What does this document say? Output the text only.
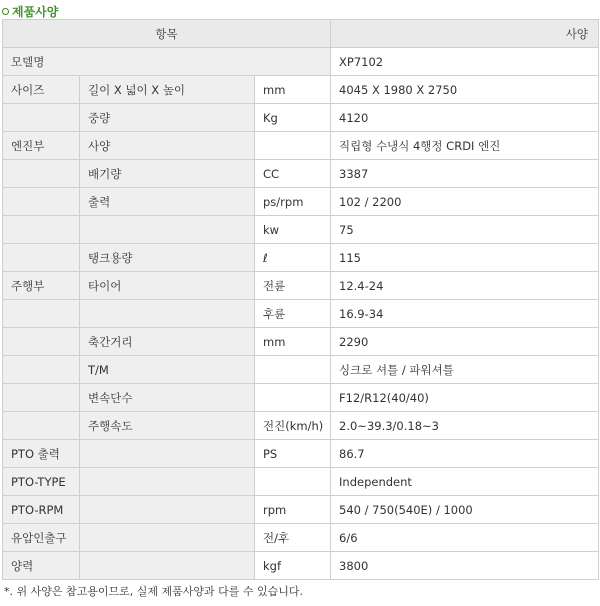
제품사양
항목			사양
모델명			XP7102
사이즈	길이 X 넓이 X 높이	mm	4045 X 1980 X 2750
	중량	Kg	4120
엔진부	사양		직립형 수냉식 4행정 CRDI 엔진
	배기량	CC	3387
	출력	ps/rpm	102 / 2200
		kw	75
	탱크용량	ℓ	115
주행부	타이어	전륜	12.4-24
		후륜	16.9-34
	축간거리	mm	2290
	T/M		싱크로 셔틀 / 파워셔틀
	변속단수		F12/R12(40/40)
	주행속도	전진(km/h)	2.0~39.3/0.18~3
PTO 출력		PS	86.7
PTO-TYPE			Independent
PTO-RPM		rpm	540 / 750(540E) / 1000
유압인출구		전/후	6/6
양력		kgf	3800
*. 위 사양은 참고용이므로, 실제 제품사양과 다를 수 있습니다.
